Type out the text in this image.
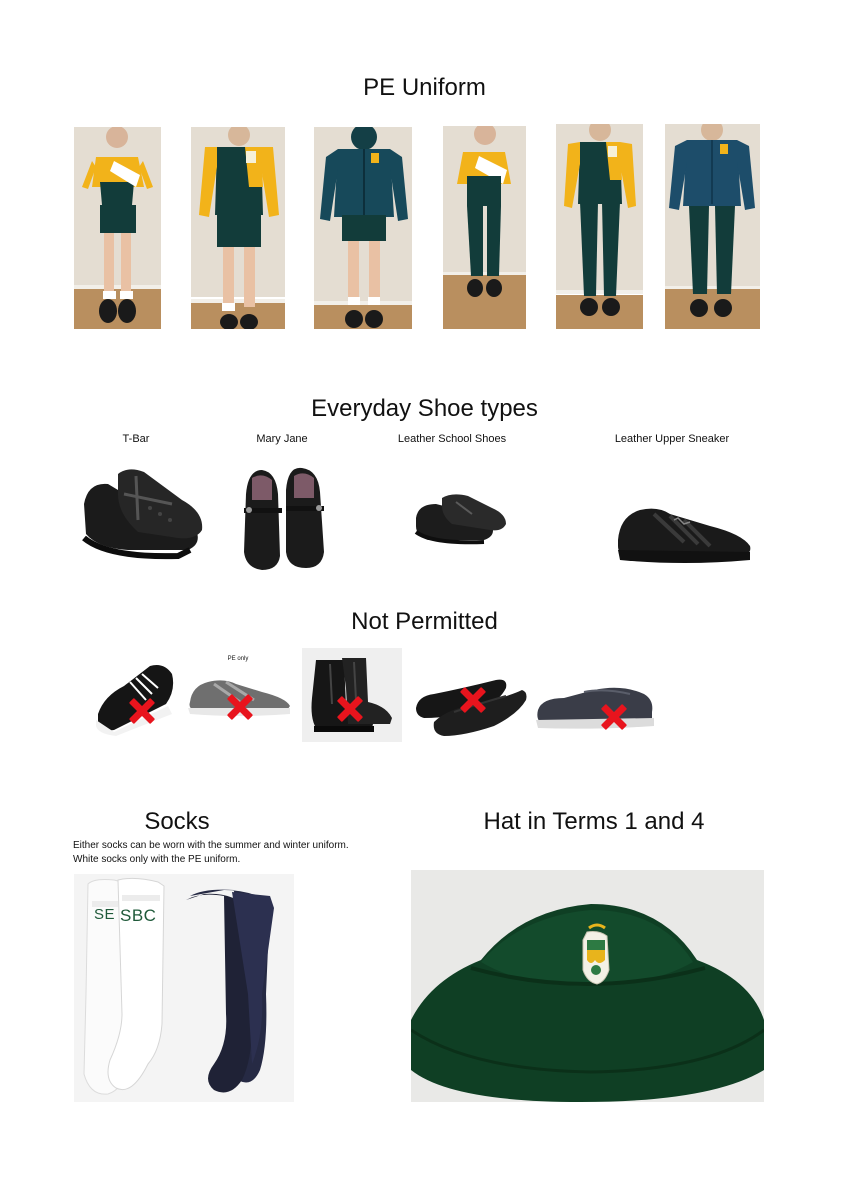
PE Uniform
Everyday Shoe types
T-Bar	Mary Jane	Leather School Shoes	Leather Upper Sneaker
Not Permitted
PE only
Socks
Either socks can be worn with the summer and winter uniform.
White socks only with the PE uniform.
SE SBC
Hat in Terms 1 and 4
